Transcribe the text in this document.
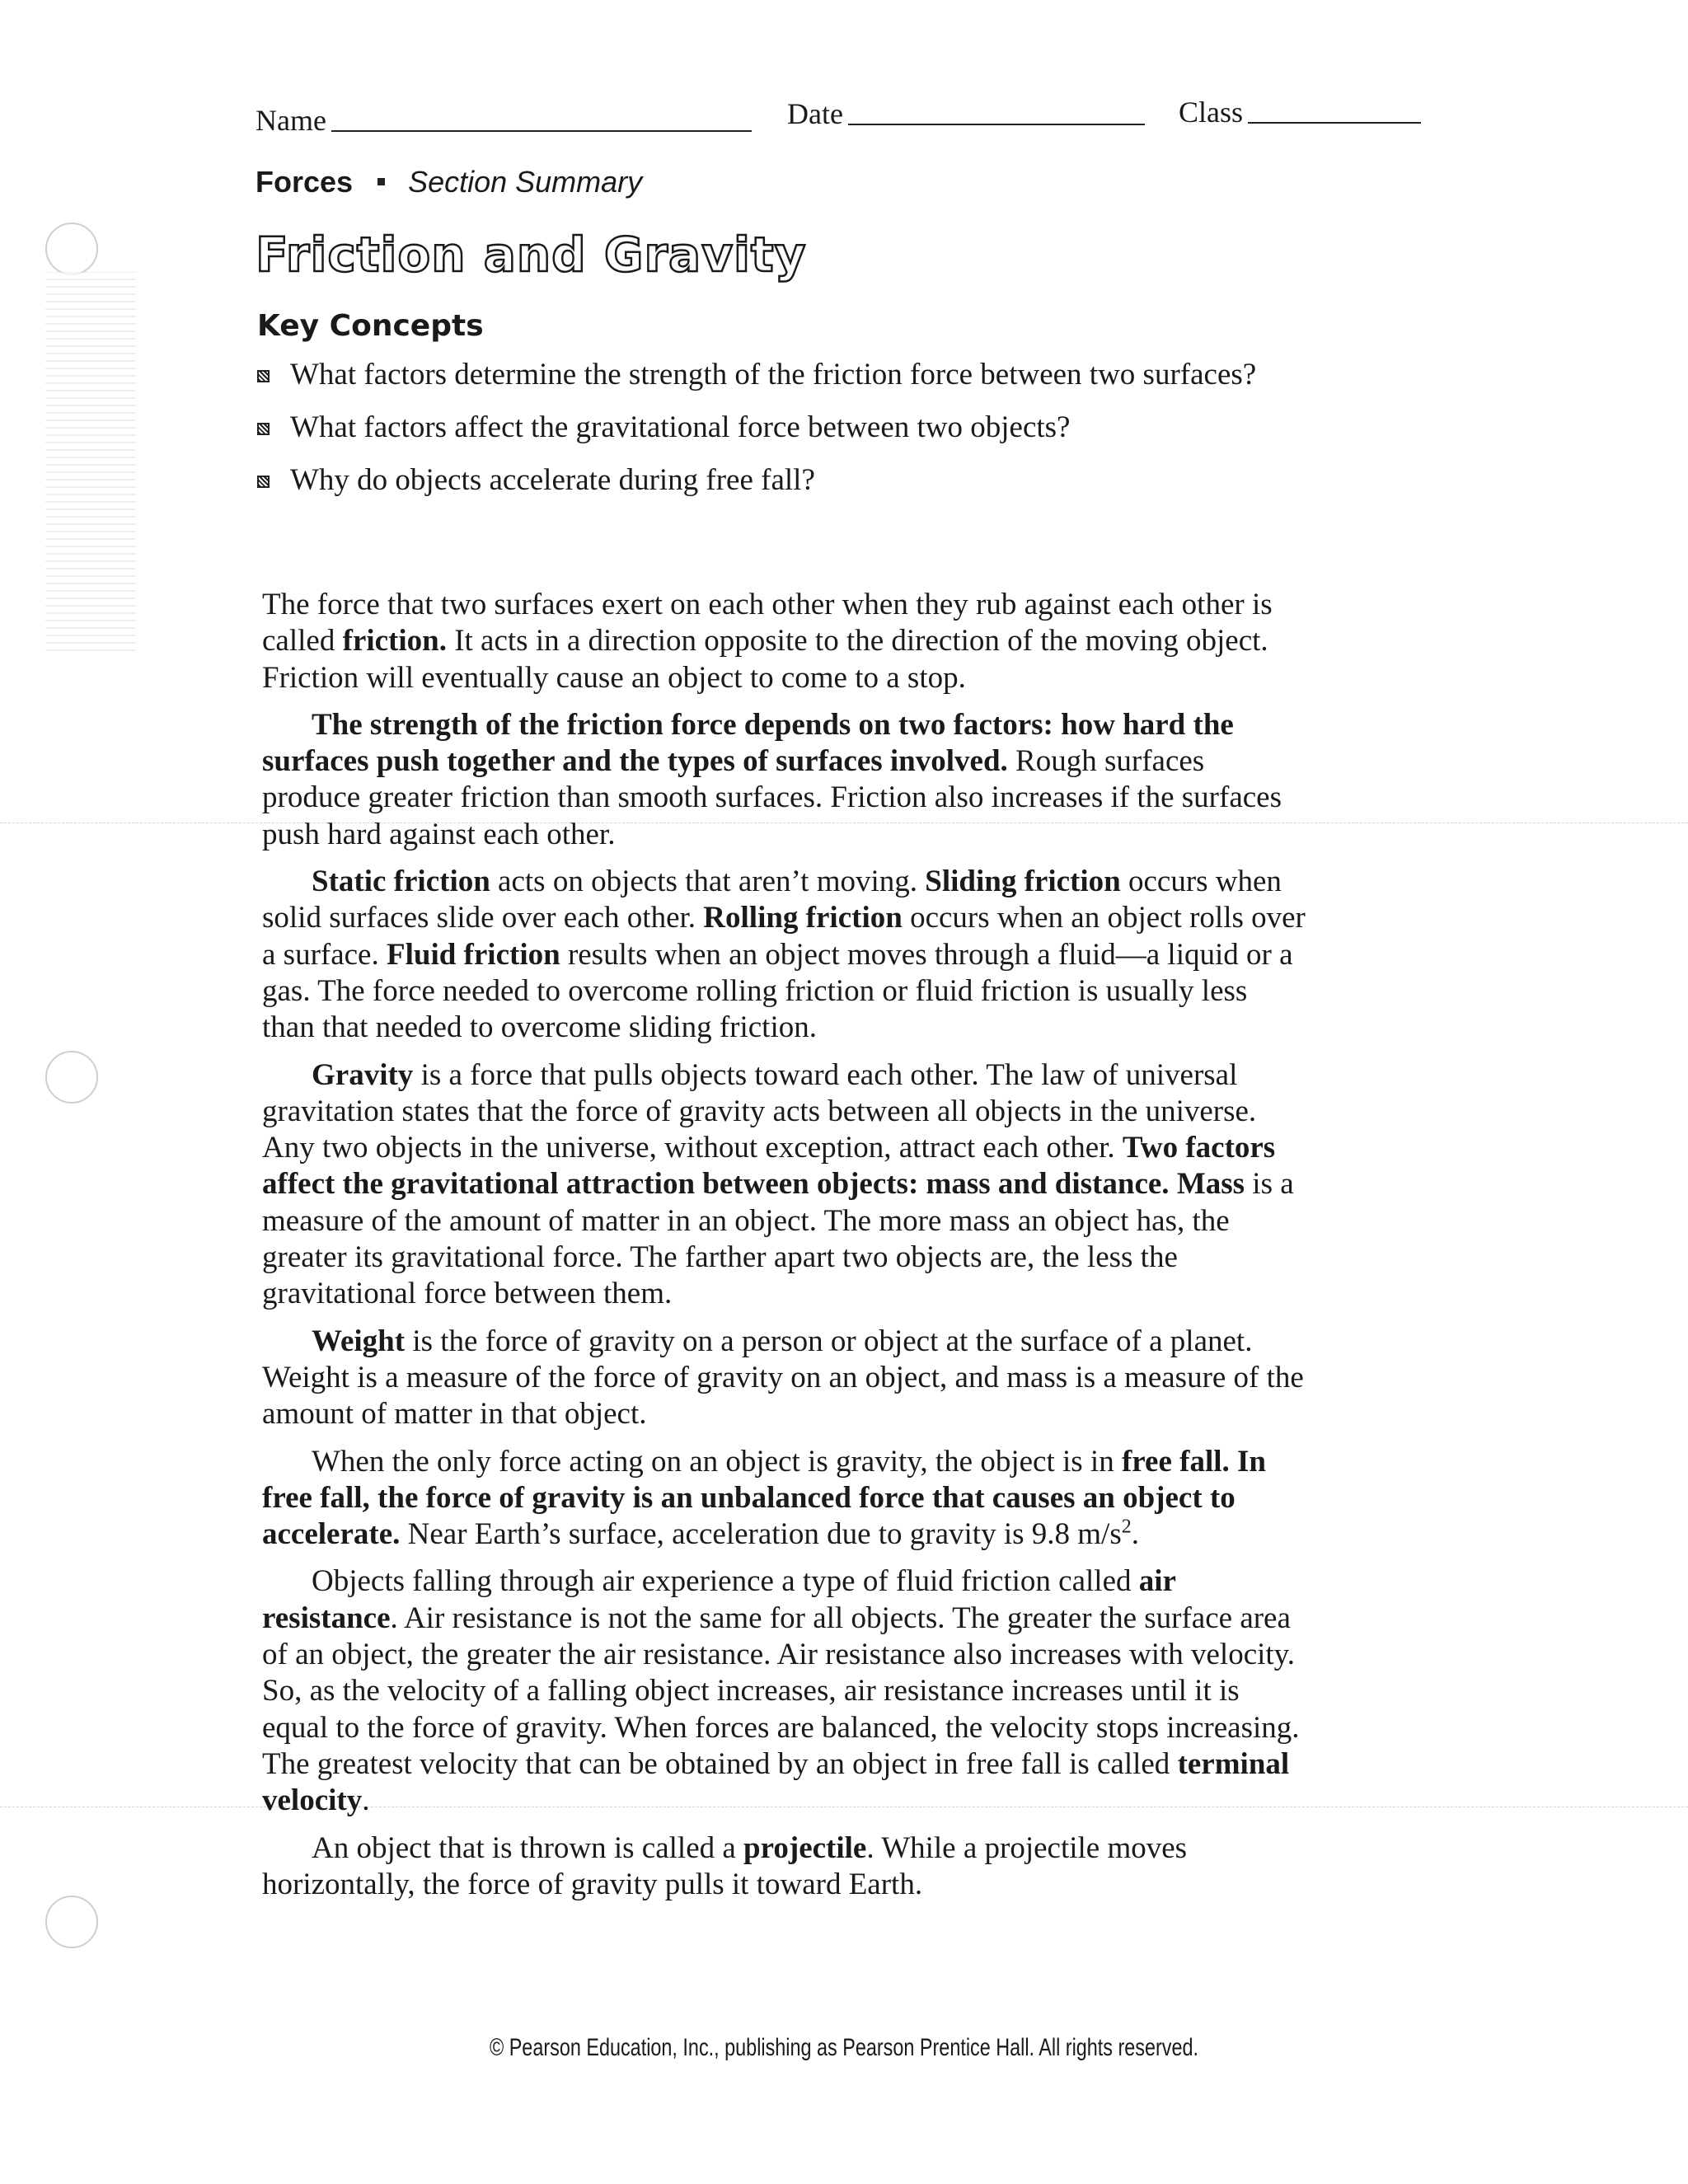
Name	Date	Class
Forces Section Summary
Friction and Gravity
Key Concepts
What factors determine the strength of the friction force between two surfaces?
What factors affect the gravitational force between two objects?
Why do objects accelerate during free fall?

The force that two surfaces exert on each other when they rub against each other is called friction. It acts in a direction opposite to the direction of the moving object. Friction will eventually cause an object to come to a stop.

The strength of the friction force depends on two factors: how hard the surfaces push together and the types of surfaces involved. Rough surfaces produce greater friction than smooth surfaces. Friction also increases if the surfaces push hard against each other.

Static friction acts on objects that aren’t moving. Sliding friction occurs when solid surfaces slide over each other. Rolling friction occurs when an object rolls over a surface. Fluid friction results when an object moves through a fluid—a liquid or a gas. The force needed to overcome rolling friction or fluid friction is usually less than that needed to overcome sliding friction.

Gravity is a force that pulls objects toward each other. The law of universal gravitation states that the force of gravity acts between all objects in the universe. Any two objects in the universe, without exception, attract each other. Two factors affect the gravitational attraction between objects: mass and distance. Mass is a measure of the amount of matter in an object. The more mass an object has, the greater its gravitational force. The farther apart two objects are, the less the gravitational force between them.

Weight is the force of gravity on a person or object at the surface of a planet. Weight is a measure of the force of gravity on an object, and mass is a measure of the amount of matter in that object.

When the only force acting on an object is gravity, the object is in free fall. In free fall, the force of gravity is an unbalanced force that causes an object to accelerate. Near Earth’s surface, acceleration due to gravity is 9.8 $m/s^2$.

Objects falling through air experience a type of fluid friction called air resistance. Air resistance is not the same for all objects. The greater the surface area of an object, the greater the air resistance. Air resistance also increases with velocity. So, as the velocity of a falling object increases, air resistance increases until it is equal to the force of gravity. When forces are balanced, the velocity stops increasing. The greatest velocity that can be obtained by an object in free fall is called terminal velocity.

An object that is thrown is called a projectile. While a projectile moves horizontally, the force of gravity pulls it toward Earth.

© Pearson Education, Inc., publishing as Pearson Prentice Hall. All rights reserved.
